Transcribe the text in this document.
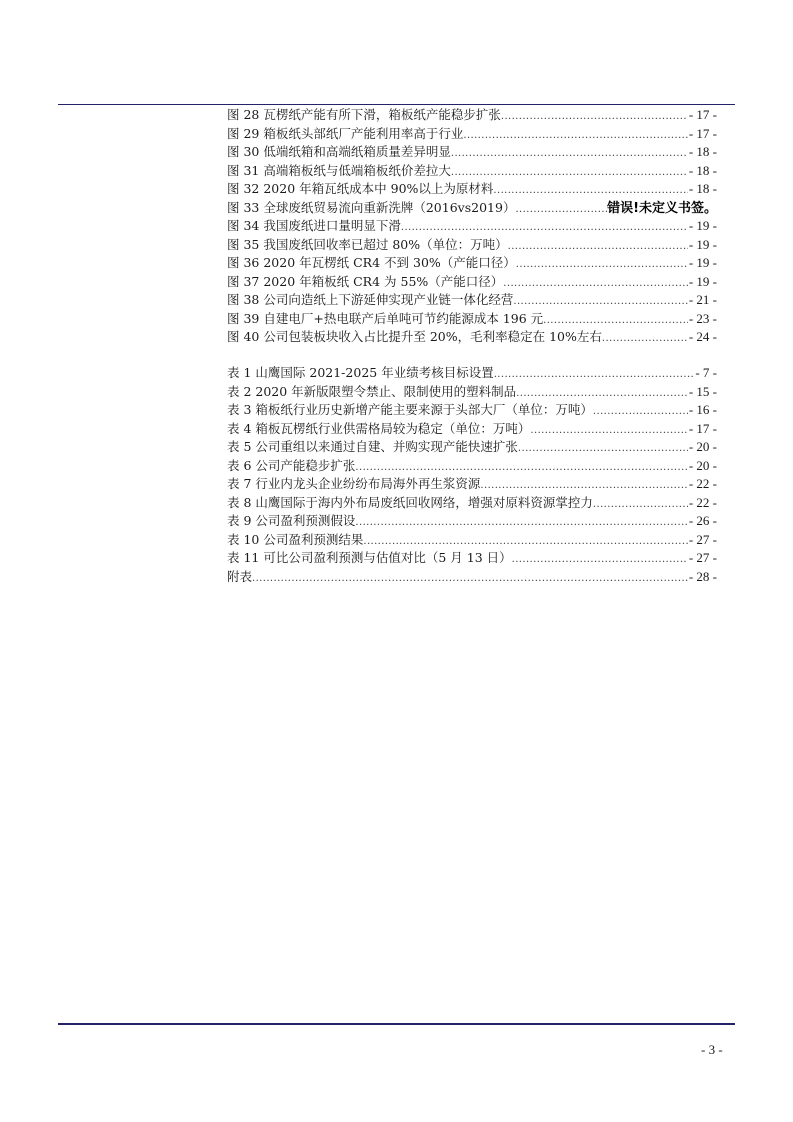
图 28 瓦楞纸产能有所下滑，箱板纸产能稳步扩张 .....	- 17 -
图 29 箱板纸头部纸厂产能利用率高于行业 .....	- 17 -
图 30 低端纸箱和高端纸箱质量差异明显 .....	- 18 -
图 31 高端箱板纸与低端箱板纸价差拉大 .....	- 18 -
图 32 2020 年箱瓦纸成本中 90%以上为原材料 .....	- 18 -
图 33 全球废纸贸易流向重新洗牌（2016vs2019） .....	错误!未定义书签。
图 34 我国废纸进口量明显下滑 .....	- 19 -
图 35 我国废纸回收率已超过 80%（单位：万吨） .....	- 19 -
图 36 2020 年瓦楞纸 CR4 不到 30%（产能口径） .....	- 19 -
图 37 2020 年箱板纸 CR4 为 55%（产能口径） .....	- 19 -
图 38 公司向造纸上下游延伸实现产业链一体化经营 .....	- 21 -
图 39 自建电厂+热电联产后单吨可节约能源成本 196 元 .....	- 23 -
图 40 公司包装板块收入占比提升至 20%，毛利率稳定在 10%左右 .....	- 24 -
表 1 山鹰国际 2021-2025 年业绩考核目标设置 .....	- 7 -
表 2 2020 年新版限塑令禁止、限制使用的塑料制品 .....	- 15 -
表 3 箱板纸行业历史新增产能主要来源于头部大厂（单位：万吨） .....	- 16 -
表 4 箱板瓦楞纸行业供需格局较为稳定（单位：万吨） .....	- 17 -
表 5 公司重组以来通过自建、并购实现产能快速扩张 .....	- 20 -
表 6 公司产能稳步扩张 .....	- 20 -
表 7 行业内龙头企业纷纷布局海外再生浆资源 .....	- 22 -
表 8 山鹰国际于海内外布局废纸回收网络，增强对原料资源掌控力 .....	- 22 -
表 9 公司盈利预测假设 .....	- 26 -
表 10 公司盈利预测结果 .....	- 27 -
表 11 可比公司盈利预测与估值对比（5 月 13 日） .....	- 27 -
附表 .....	- 28 -
- 3 -
